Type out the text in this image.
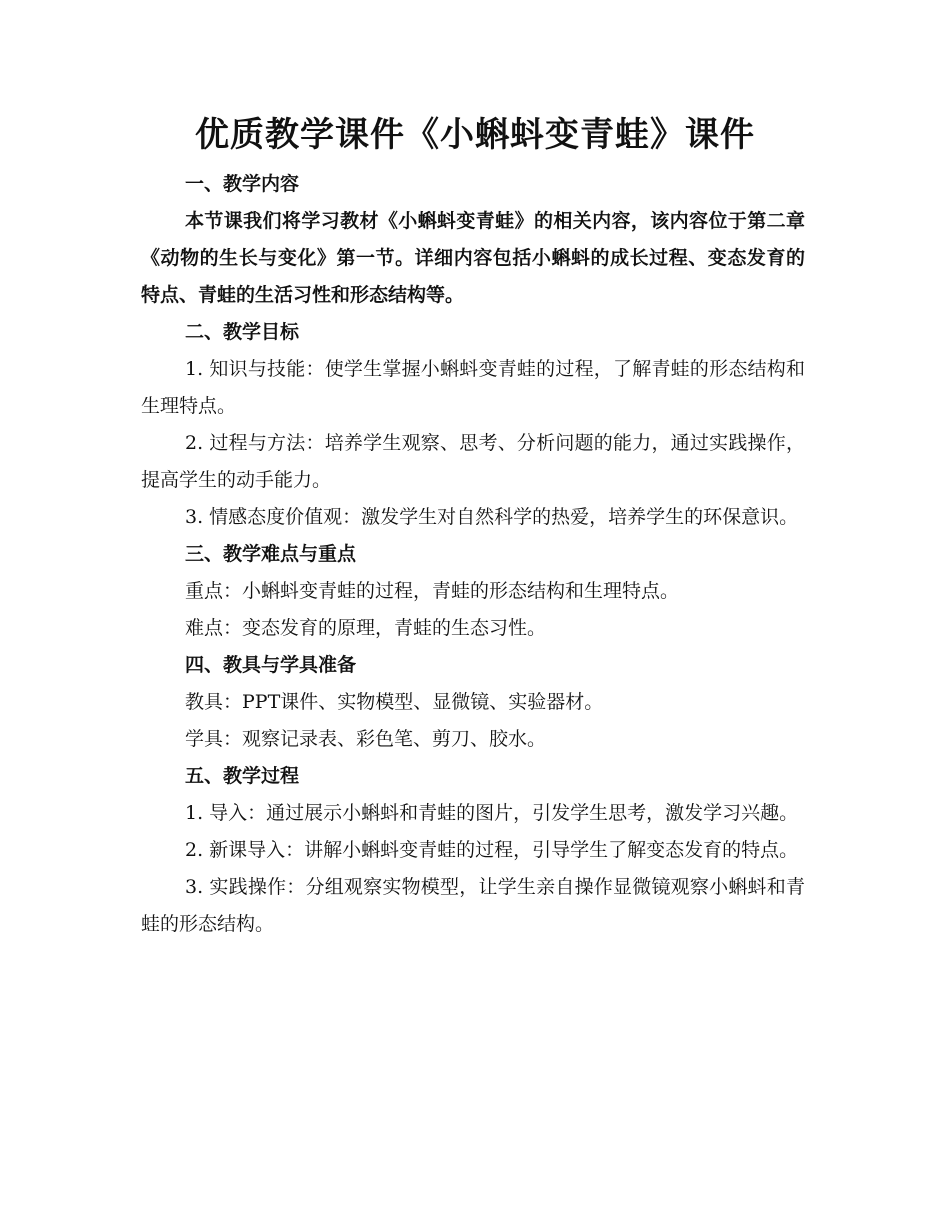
优质教学课件《小蝌蚪变青蛙》课件

一、教学内容

本节课我们将学习教材《小蝌蚪变青蛙》的相关内容，该内容位于第二章《动物的生长与变化》第一节。详细内容包括小蝌蚪的成长过程、变态发育的特点、青蛙的生活习性和形态结构等。

二、教学目标

1. 知识与技能：使学生掌握小蝌蚪变青蛙的过程，了解青蛙的形态结构和生理特点。

2. 过程与方法：培养学生观察、思考、分析问题的能力，通过实践操作，提高学生的动手能力。

3. 情感态度价值观：激发学生对自然科学的热爱，培养学生的环保意识。

三、教学难点与重点

重点：小蝌蚪变青蛙的过程，青蛙的形态结构和生理特点。

难点：变态发育的原理，青蛙的生态习性。

四、教具与学具准备

教具：PPT课件、实物模型、显微镜、实验器材。

学具：观察记录表、彩色笔、剪刀、胶水。

五、教学过程

1. 导入：通过展示小蝌蚪和青蛙的图片，引发学生思考，激发学习兴趣。

2. 新课导入：讲解小蝌蚪变青蛙的过程，引导学生了解变态发育的特点。

3. 实践操作：分组观察实物模型，让学生亲自操作显微镜观察小蝌蚪和青蛙的形态结构。
